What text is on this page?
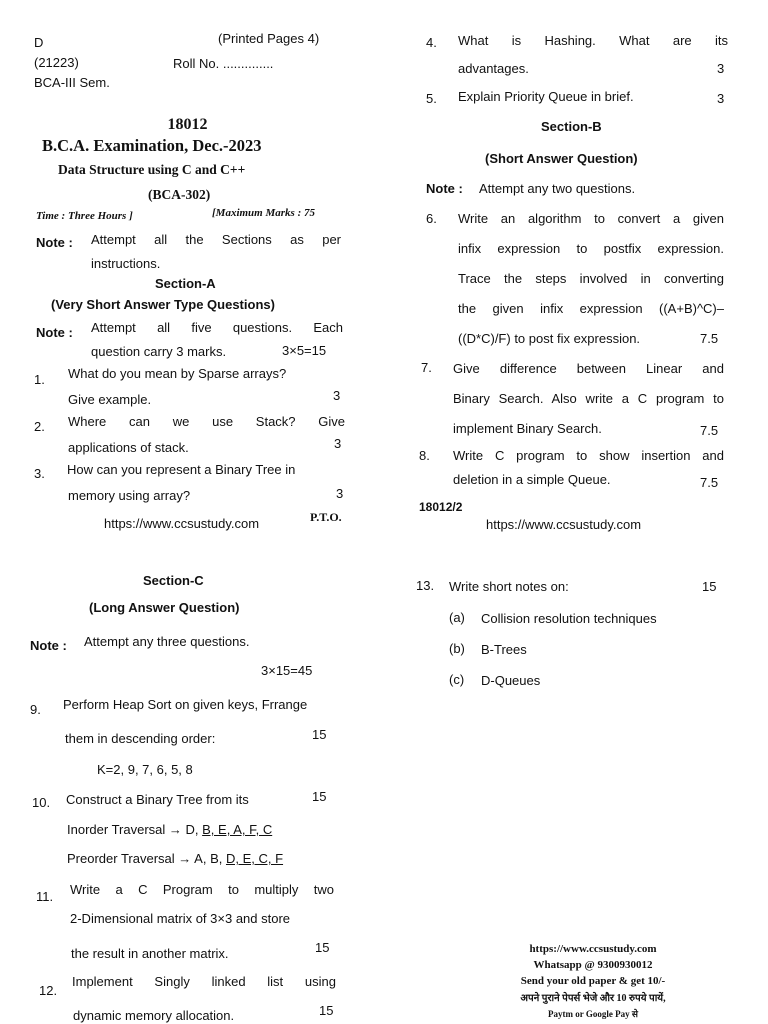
D	(Printed Pages 4)
(21223)	Roll No. ..............
BCA-III Sem.
18012
B.C.A. Examination, Dec.-2023
Data Structure using C and C++
(BCA-302)
Time : Three Hours ]	[Maximum Marks : 75
Note : Attempt all the Sections as per
instructions.
Section-A
(Very Short Answer Type Questions)
Note : Attempt all five questions. Each
question carry 3 marks.	3×5=15
1. What do you mean by Sparse arrays?
Give example.	3
2. Where can we use Stack? Give
applications of stack.	3
3. How can you represent a Binary Tree in
memory using array?	3
https://www.ccsustudy.com	P.T.O.
4. What is Hashing. What are its
advantages.	3
5. Explain Priority Queue in brief.	3
Section-B
(Short Answer Question)
Note : Attempt any two questions.
6. Write an algorithm to convert a given
infix expression to postfix expression.
Trace the steps involved in converting
the given infix expression ((A+B)^C)–
((D*C)/F) to post fix expression.	7.5
7. Give difference between Linear and
Binary Search. Also write a C program to
implement Binary Search.	7.5
8. Write C program to show insertion and
deletion in a simple Queue.	7.5
18012/2
https://www.ccsustudy.com
Section-C
(Long Answer Question)
Note : Attempt any three questions.
3×15=45
9. Perform Heap Sort on given keys, Frrange
them in descending order:	15
K=2, 9, 7, 6, 5, 8
10. Construct a Binary Tree from its	15
Inorder Traversal → D, B, E, A, F, C
Preorder Traversal → A, B, D, E, C, F
11. Write a C Program to multiply two
2-Dimensional matrix of 3×3 and store
the result in another matrix.	15
12.
Implement Singly linked list using
dynamic memory allocation.	15
13. Write short notes on:	15
(a) Collision resolution techniques
(b) B-Trees
(c) D-Queues
https://www.ccsustudy.com
Whatsapp @ 9300930012
Send your old paper & get 10/-
अपने पुराने पेपर्स भेजे और 10 रुपये पायें,
Paytm or Google Pay से
